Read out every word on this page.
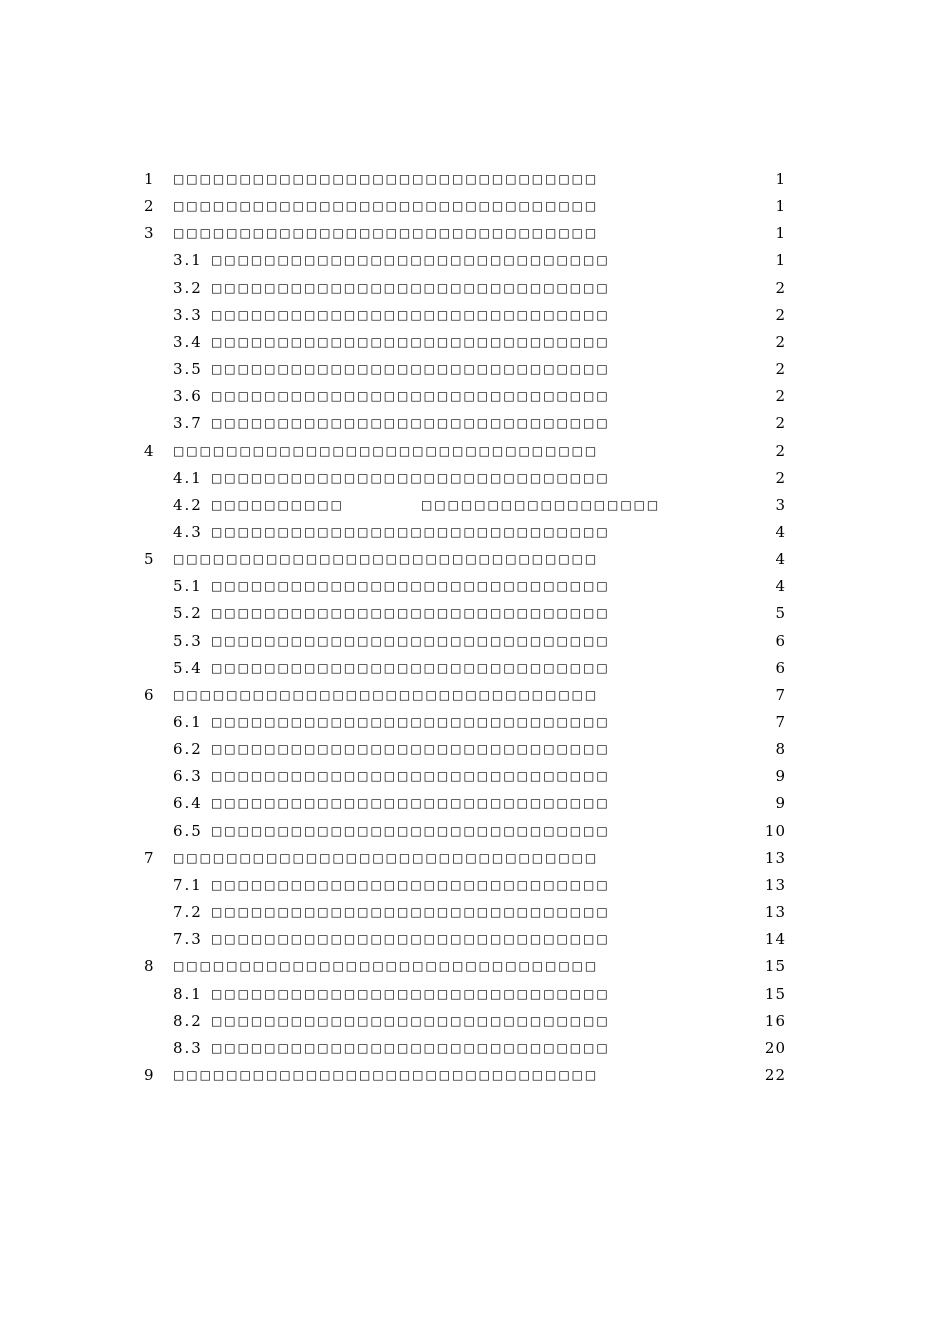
1 □□□□□□□□□□□□□□□□□□□□□□□□□□□□□□□□	1
2 □□□□□□□□□□□□□□□□□□□□□□□□□□□□□□□□	1
3 □□□□□□□□□□□□□□□□□□□□□□□□□□□□□□□□	1
3.1 □□□□□□□□□□□□□□□□□□□□□□□□□□□□□□	1
3.2 □□□□□□□□□□□□□□□□□□□□□□□□□□□□□□	2
3.3 □□□□□□□□□□□□□□□□□□□□□□□□□□□□□□	2
3.4 □□□□□□□□□□□□□□□□□□□□□□□□□□□□□□	2
3.5 □□□□□□□□□□□□□□□□□□□□□□□□□□□□□□	2
3.6 □□□□□□□□□□□□□□□□□□□□□□□□□□□□□□	2
3.7 □□□□□□□□□□□□□□□□□□□□□□□□□□□□□□	2
4 □□□□□□□□□□□□□□□□□□□□□□□□□□□□□□□□	2
4.1 □□□□□□□□□□□□□□□□□□□□□□□□□□□□□□	2
4.2 □□□□□□□□□□	□□□□□□□□□□□□□□□□□□	3
4.3 □□□□□□□□□□□□□□□□□□□□□□□□□□□□□□	4
5 □□□□□□□□□□□□□□□□□□□□□□□□□□□□□□□□	4
5.1 □□□□□□□□□□□□□□□□□□□□□□□□□□□□□□	4
5.2 □□□□□□□□□□□□□□□□□□□□□□□□□□□□□□	5
5.3 □□□□□□□□□□□□□□□□□□□□□□□□□□□□□□	6
5.4 □□□□□□□□□□□□□□□□□□□□□□□□□□□□□□	6
6 □□□□□□□□□□□□□□□□□□□□□□□□□□□□□□□□	7
6.1 □□□□□□□□□□□□□□□□□□□□□□□□□□□□□□	7
6.2 □□□□□□□□□□□□□□□□□□□□□□□□□□□□□□	8
6.3 □□□□□□□□□□□□□□□□□□□□□□□□□□□□□□	9
6.4 □□□□□□□□□□□□□□□□□□□□□□□□□□□□□□	9
6.5 □□□□□□□□□□□□□□□□□□□□□□□□□□□□□□	10
7 □□□□□□□□□□□□□□□□□□□□□□□□□□□□□□□□	13
7.1 □□□□□□□□□□□□□□□□□□□□□□□□□□□□□□	13
7.2 □□□□□□□□□□□□□□□□□□□□□□□□□□□□□□	13
7.3 □□□□□□□□□□□□□□□□□□□□□□□□□□□□□□	14
8 □□□□□□□□□□□□□□□□□□□□□□□□□□□□□□□□	15
8.1 □□□□□□□□□□□□□□□□□□□□□□□□□□□□□□	15
8.2 □□□□□□□□□□□□□□□□□□□□□□□□□□□□□□	16
8.3 □□□□□□□□□□□□□□□□□□□□□□□□□□□□□□	20
9 □□□□□□□□□□□□□□□□□□□□□□□□□□□□□□□□	22
